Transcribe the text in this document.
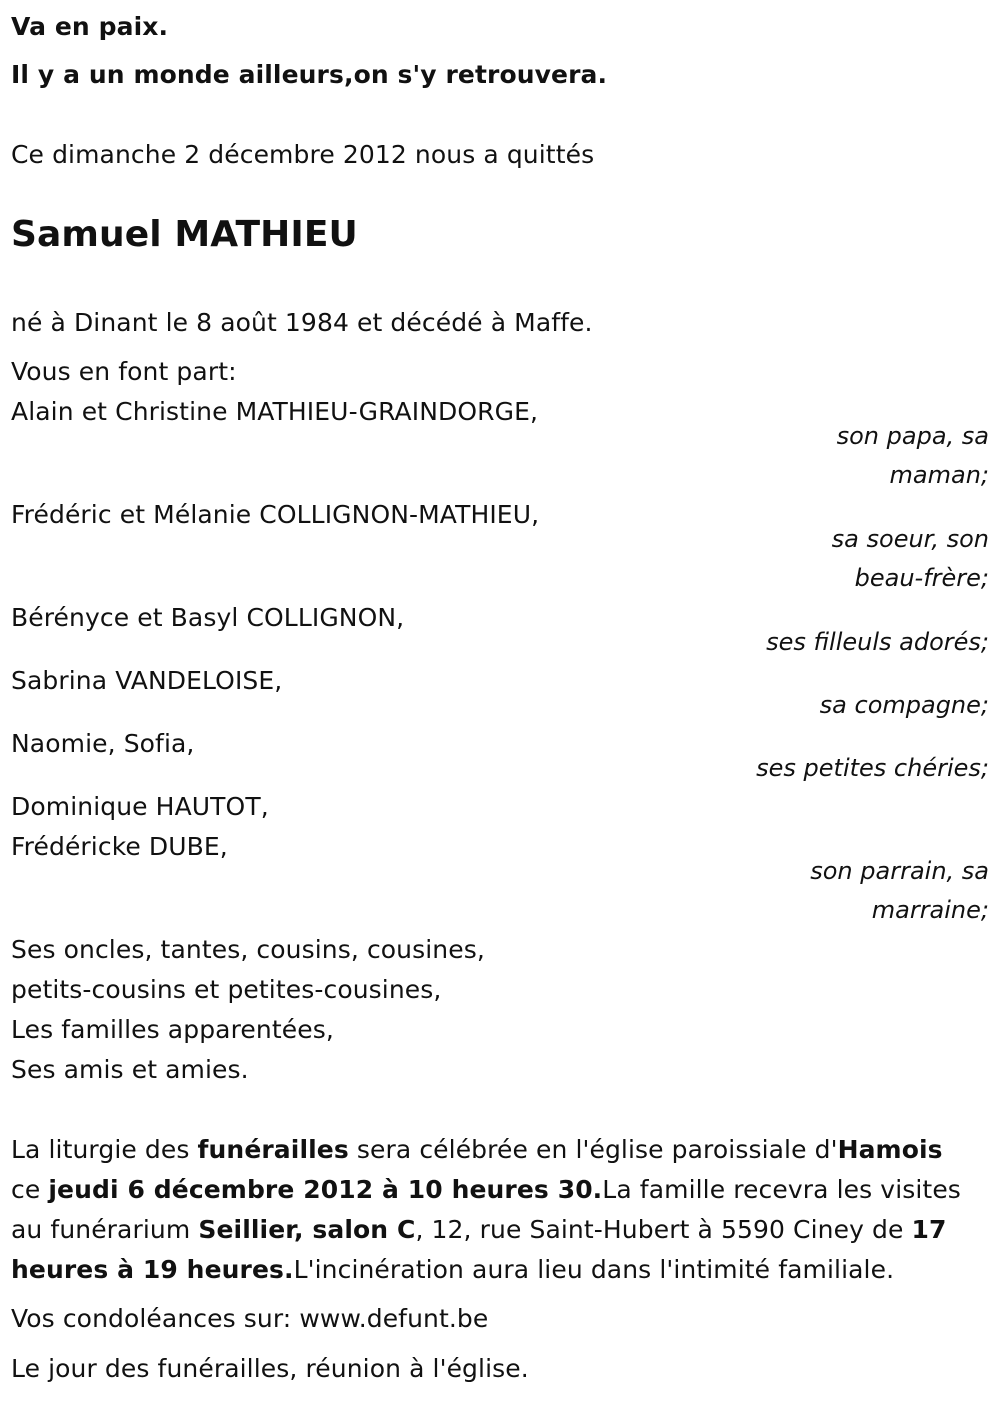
Va en paix.
Il y a un monde ailleurs,on s'y retrouvera.
Ce dimanche 2 décembre 2012 nous a quittés
Samuel MATHIEU
né à Dinant le 8 août 1984 et décédé à Maffe.
Vous en font part:
Alain et Christine MATHIEU-GRAINDORGE,
son papa, sa
maman;
Frédéric et Mélanie COLLIGNON-MATHIEU,
sa soeur, son
beau-frère;
Bérényce et Basyl COLLIGNON,
ses filleuls adorés;
Sabrina VANDELOISE,
sa compagne;
Naomie, Sofia,
ses petites chéries;
Dominique HAUTOT,
Frédéricke DUBE,
son parrain, sa
marraine;
Ses oncles, tantes, cousins, cousines,
petits-cousins et petites-cousines,
Les familles apparentées,
Ses amis et amies.
La liturgie des funérailles sera célébrée en l'église paroissiale d'Hamois
ce jeudi 6 décembre 2012 à 10 heures 30.La famille recevra les visites
au funérarium Seillier, salon C, 12, rue Saint-Hubert à 5590 Ciney de 17
heures à 19 heures.L'incinération aura lieu dans l'intimité familiale.
Vos condoléances sur: www.defunt.be
Le jour des funérailles, réunion à l'église.
